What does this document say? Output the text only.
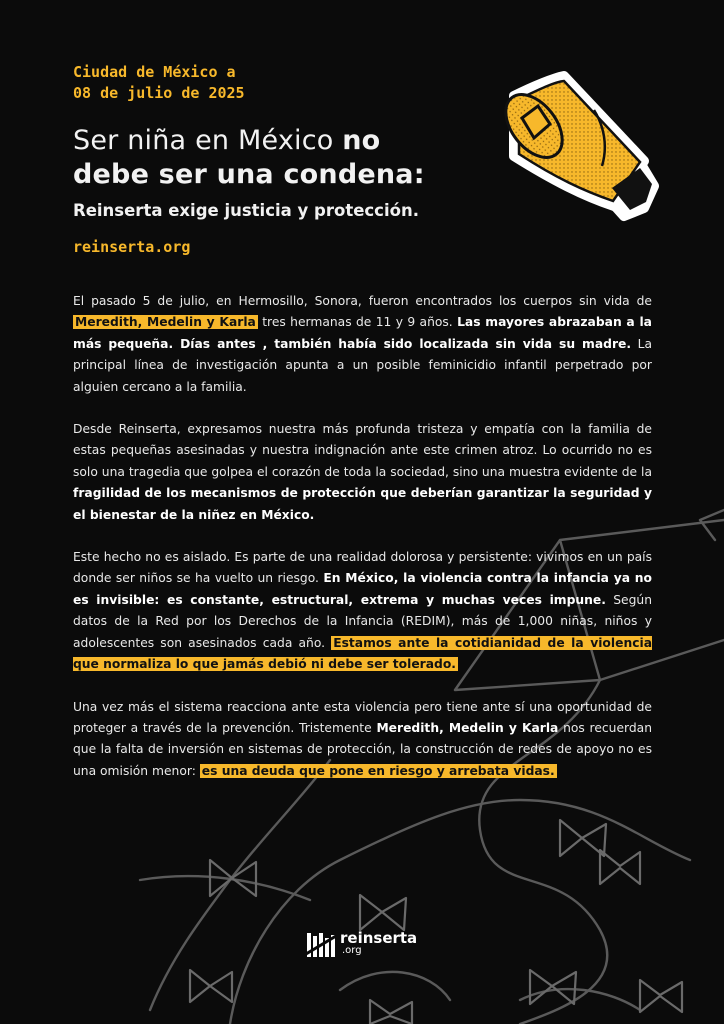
Ciudad de México a

08 de julio de 2025

Ser niña en México no
debe ser una condena:

Reinserta exige justicia y protección.

reinserta.org

El pasado 5 de julio, en Hermosillo, Sonora, fueron encontrados los cuerpos sin vida de Meredith, Medelin y Karla tres hermanas de 11 y 9 años. Las mayores abrazaban a la más pequeña. Días antes , también había sido localizada sin vida su madre. La principal línea de investigación apunta a un posible feminicidio infantil perpetrado por alguien cercano a la familia.

Desde Reinserta, expresamos nuestra más profunda tristeza y empatía con la familia de estas pequeñas asesinadas y nuestra indignación ante este crimen atroz. Lo ocurrido no es solo una tragedia que golpea el corazón de toda la sociedad, sino una muestra evidente de la fragilidad de los mecanismos de protección que deberían garantizar la seguridad y el bienestar de la niñez en México.

Este hecho no es aislado. Es parte de una realidad dolorosa y persistente: vivimos en un país donde ser niños se ha vuelto un riesgo. En México, la violencia contra la infancia ya no es invisible: es constante, estructural, extrema y muchas veces impune. Según datos de la Red por los Derechos de la Infancia (REDIM), más de 1,000 niñas, niños y adolescentes son asesinados cada año. Estamos ante la cotidianidad de la violencia que normaliza lo que jamás debió ni debe ser tolerado.

Una vez más el sistema reacciona ante esta violencia pero tiene ante sí una oportunidad de proteger a través de la prevención. Tristemente Meredith, Medelin y Karla nos recuerdan que la falta de inversión en sistemas de protección, la construcción de redes de apoyo no es una omisión menor: es una deuda que pone en riesgo y arrebata vidas.

reinserta
.org
